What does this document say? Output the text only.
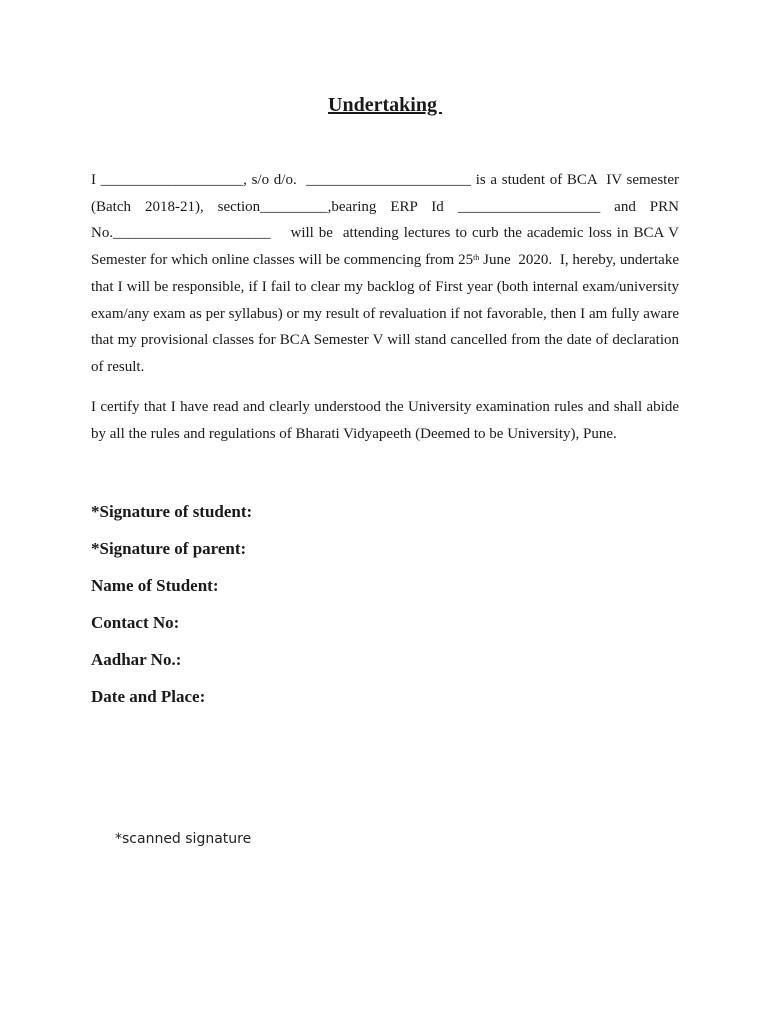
Undertaking
I ___________________, s/o d/o.  ______________________ is a student of BCA  IV semester (Batch 2018-21), section_________,bearing ERP Id ___________________ and PRN No._____________________    will be  attending lectures to curb the academic loss in BCA V Semester for which online classes will be commencing from 25th June  2020.  I, hereby, undertake that I will be responsible, if I fail to clear my backlog of First year (both internal exam/university exam/any exam as per syllabus) or my result of revaluation if not favorable, then I am fully aware that my provisional classes for BCA Semester V will stand cancelled from the date of declaration of result.
I certify that I have read and clearly understood the University examination rules and shall abide by all the rules and regulations of Bharati Vidyapeeth (Deemed to be University), Pune.
*Signature of student:
*Signature of parent:
Name of Student:
Contact No:
Aadhar No.:
Date and Place:
*scanned signature
